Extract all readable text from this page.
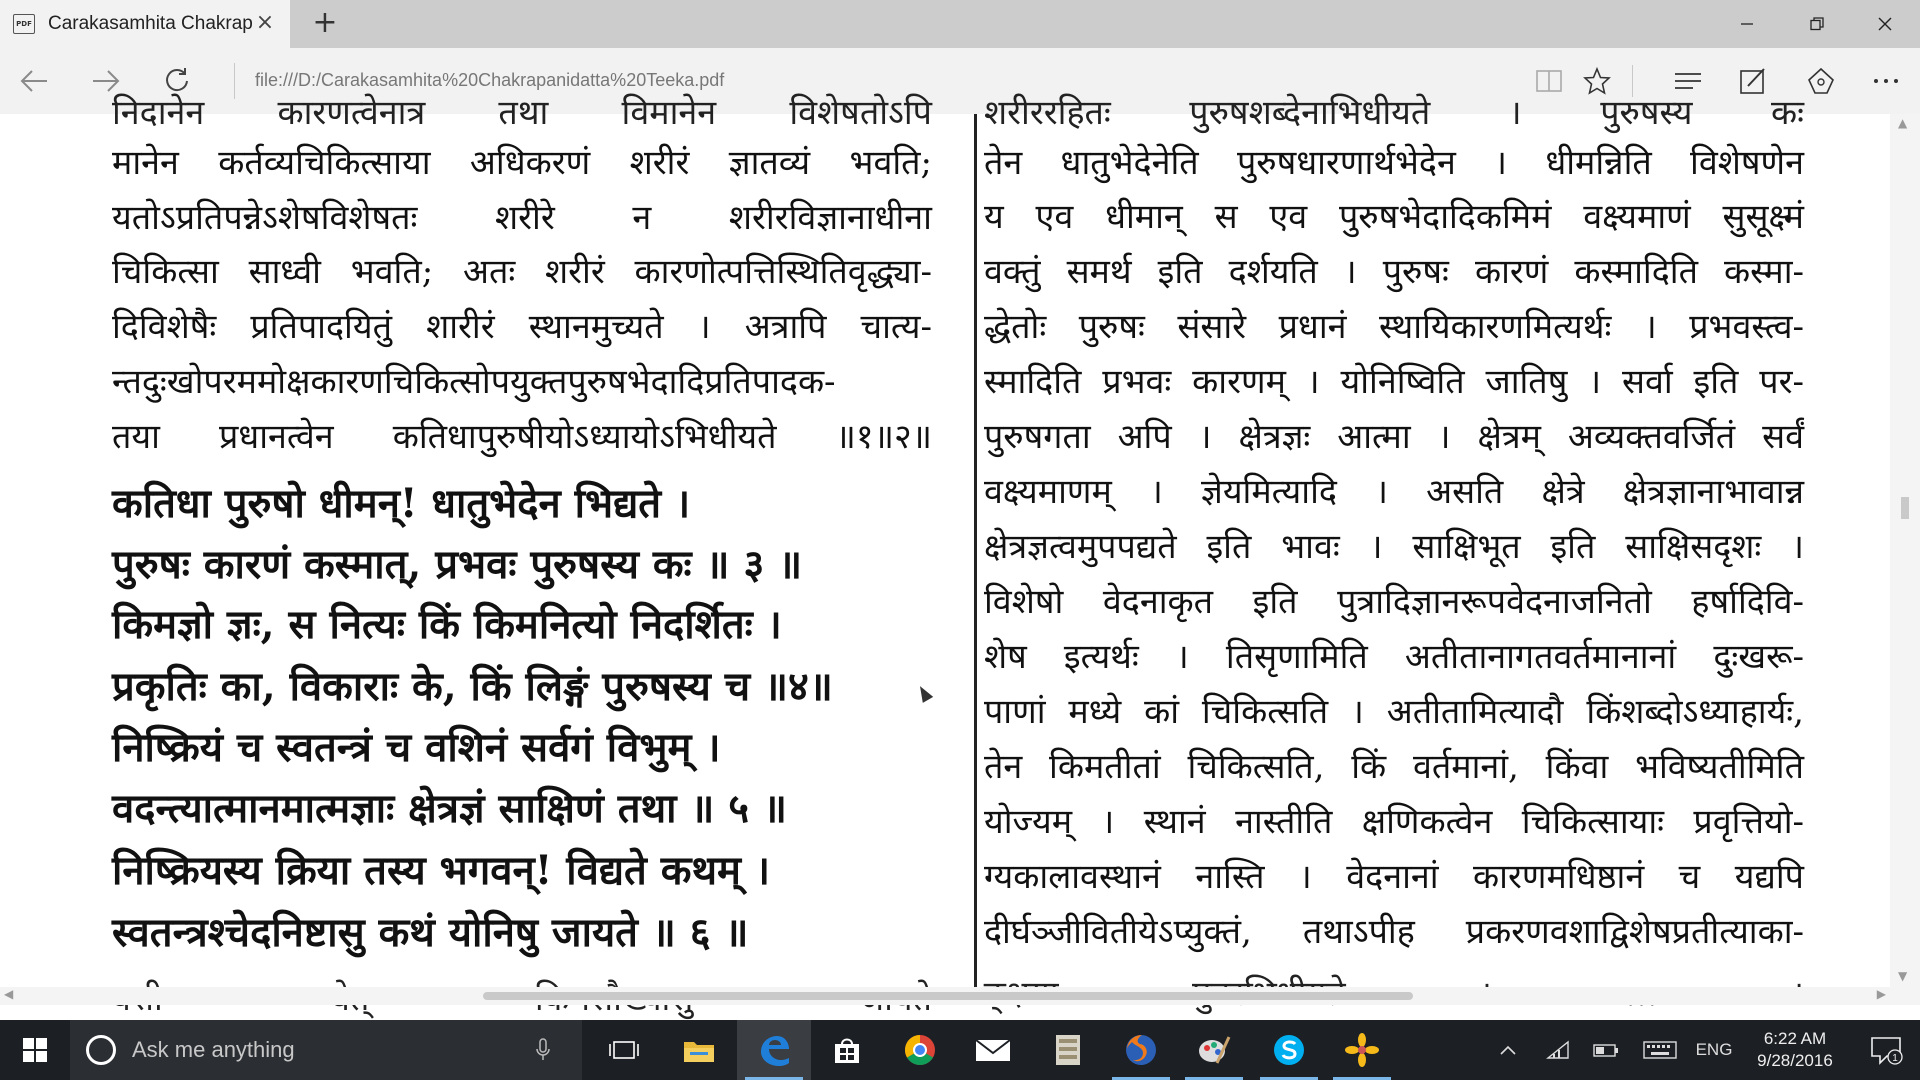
PDF Carakasamhita Chakrap × +
file:///D:/Carakasamhita%20Chakrapanidatta%20Teeka.pdf
निदानेन कारणत्वेनात्र तथा विमानेन विशेषतोऽपि
मानेन कर्तव्यचिकित्साया अधिकरणं शरीरं ज्ञातव्यं भवति;
यतोऽप्रतिपन्नेऽशेषविशेषतः शरीरे न शरीरविज्ञानाधीना
चिकित्सा साध्वी भवति; अतः शरीरं कारणोत्पत्तिस्थितिवृद्ध्या-
दिविशेषैः प्रतिपादयितुं शारीरं स्थानमुच्यते । अत्रापि चात्य-
न्तदुःखोपरममोक्षकारणचिकित्सोपयुक्तपुरुषभेदादिप्रतिपादक-
तया प्रधानत्वेन कतिधापुरुषीयोऽध्यायोऽभिधीयते ॥१॥२॥
कतिधा पुरुषो धीमन्! धातुभेदेन भिद्यते ।
पुरुषः कारणं कस्मात्, प्रभवः पुरुषस्य कः ॥ ३ ॥
किमज्ञो ज्ञः, स नित्यः किं किमनित्यो निदर्शितः ।
प्रकृतिः का, विकाराः के, किं लिङ्गं पुरुषस्य च ॥४॥
निष्क्रियं च स्वतन्त्रं च वशिनं सर्वगं विभुम् ।
वदन्त्यात्मानमात्मज्ञाः क्षेत्रज्ञं साक्षिणं तथा ॥ ५ ॥
निष्क्रियस्य क्रिया तस्य भगवन्! विद्यते कथम् ।
स्वतन्त्रश्चेदनिष्टासु कथं योनिषु जायते ॥ ६ ॥
शरीररहितः पुरुषशब्देनाभिधीयते । पुरुषस्य कः
तेन धातुभेदेनेति पुरुषधारणार्थभेदेन । धीमन्निति विशेषणेन
य एव धीमान् स एव पुरुषभेदादिकमिमं वक्ष्यमाणं सुसूक्ष्मं
वक्तुं समर्थ इति दर्शयति । पुरुषः कारणं कस्मादिति कस्मा-
द्धेतोः पुरुषः संसारे प्रधानं स्थायिकारणमित्यर्थः । प्रभवस्त्व-
स्मादिति प्रभवः कारणम् । योनिष्विति जातिषु । सर्वा इति पर-
पुरुषगता अपि । क्षेत्रज्ञः आत्मा । क्षेत्रम् अव्यक्तवर्जितं सर्वं
वक्ष्यमाणम् । ज्ञेयमित्यादि । असति क्षेत्रे क्षेत्रज्ञानाभावान्न
क्षेत्रज्ञत्वमुपपद्यते इति भावः । साक्षिभूत इति साक्षिसदृशः ।
विशेषो वेदनाकृत इति पुत्रादिज्ञानरूपवेदनाजनितो हर्षादिवि-
शेष इत्यर्थः । तिसृणामिति अतीतानागतवर्तमानानां दुःखरू-
पाणां मध्ये कां चिकित्सति । अतीतामित्यादौ किंशब्दोऽध्याहार्यः,
तेन किमतीतां चिकित्सति, किं वर्तमानां, किंवा भविष्यतीमिति
योज्यम् । स्थानं नास्तीति क्षणिकत्वेन चिकित्सायाः प्रवृत्तियो-
ग्यकालावस्थानं नास्ति । वेदनानां कारणमधिष्ठानं च यद्यपि
दीर्घञ्जीवितीयेऽप्युक्तं, तथाऽपीह प्रकरणवशाद्विशेषप्रतीत्याका-
▲
▼
◀	▶
Ask me anything	ENG
6:22 AM
9/28/2016	1
